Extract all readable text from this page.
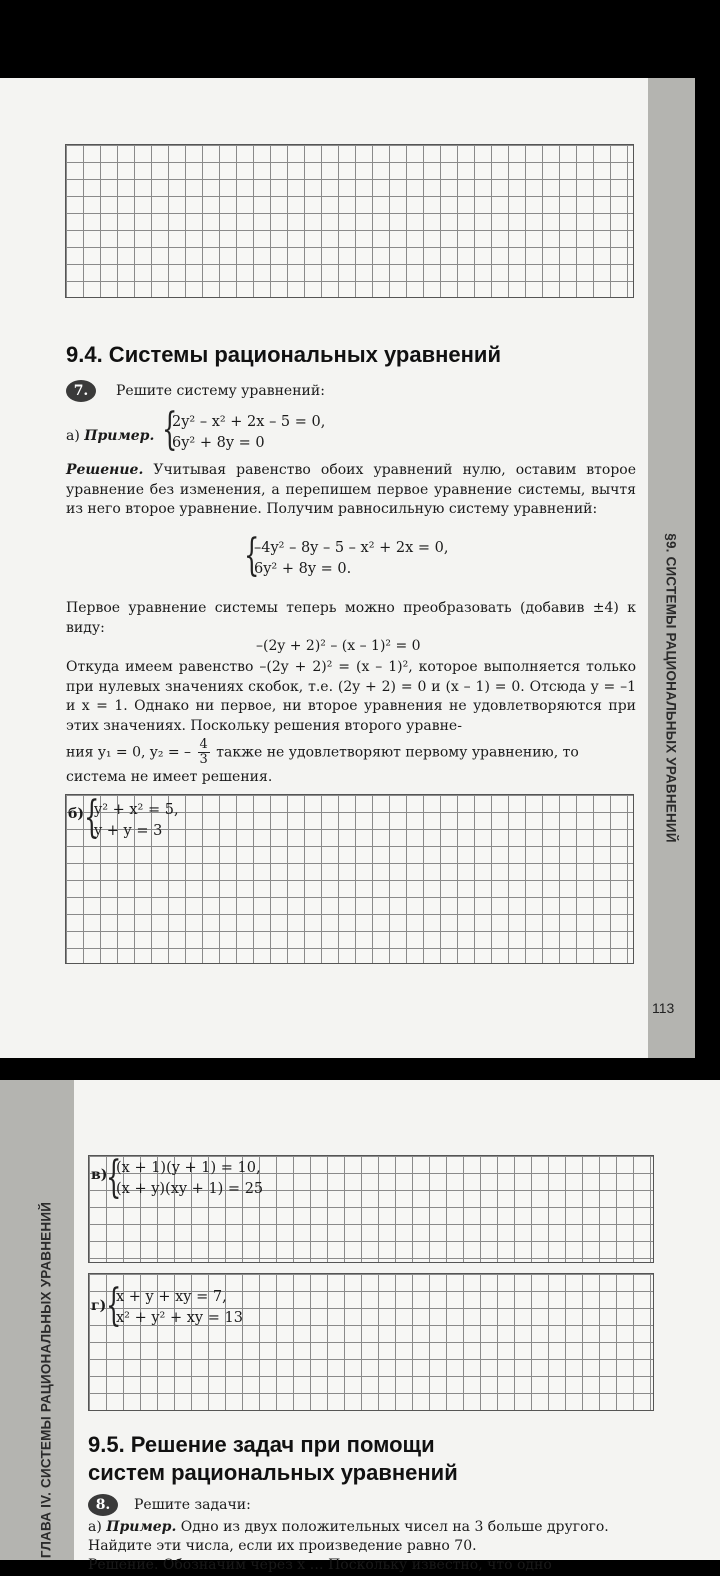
§9. СИСТЕМЫ РАЦИОНАЛЬНЫХ УРАВНЕНИЙ
113
9.4. Системы рациональных уравнений
7.	Решите систему уравнений:
а) Пример. {
2y² – x² + 2x – 5 = 0,
6y² + 8y = 0
Решение. Учитывая равенство обоих уравнений нулю, оставим второе уравнение без изменения, а перепишем первое уравнение системы, вычтя из него второе уравнение. Получим равносильную систему уравнений:
{
–4y² – 8y – 5 – x² + 2x = 0,
6y² + 8y = 0.
Первое уравнение системы теперь можно преобразовать (добавив ±4) к виду:
–(2y + 2)² – (x – 1)² = 0
Откуда имеем равенство –(2y + 2)² = (x – 1)², которое выполняется только при нулевых значениях скобок, т.е. (2y + 2) = 0 и (x – 1) = 0. Отсюда y = –1 и x = 1. Однако ни первое, ни второе уравнения не удовлетворяются при этих значениях. Поскольку решения второго уравне-
ния y₁ = 0, y₂ = – $\frac{4}{3}$ также не удовлетворяют первому уравнению, то
система не имеет решения.
б) {
y² + x² = 5,
y + y = 3
ГЛАВА IV. СИСТЕМЫ РАЦИОНАЛЬНЫХ УРАВНЕНИЙ
в)
{
(x + 1)(y + 1) = 10,
(x + y)(xy + 1) = 25
г) {
x + y + xy = 7,
x² + y² + xy = 13
9.5. Решение задач при помощи
систем рациональных уравнений
8.	Решите задачи:
а) Пример. Одно из двух положительных чисел на 3 больше другого.
Найдите эти числа, если их произведение равно 70.
Решение. Обозначим через x … Поскольку известно, что одно
